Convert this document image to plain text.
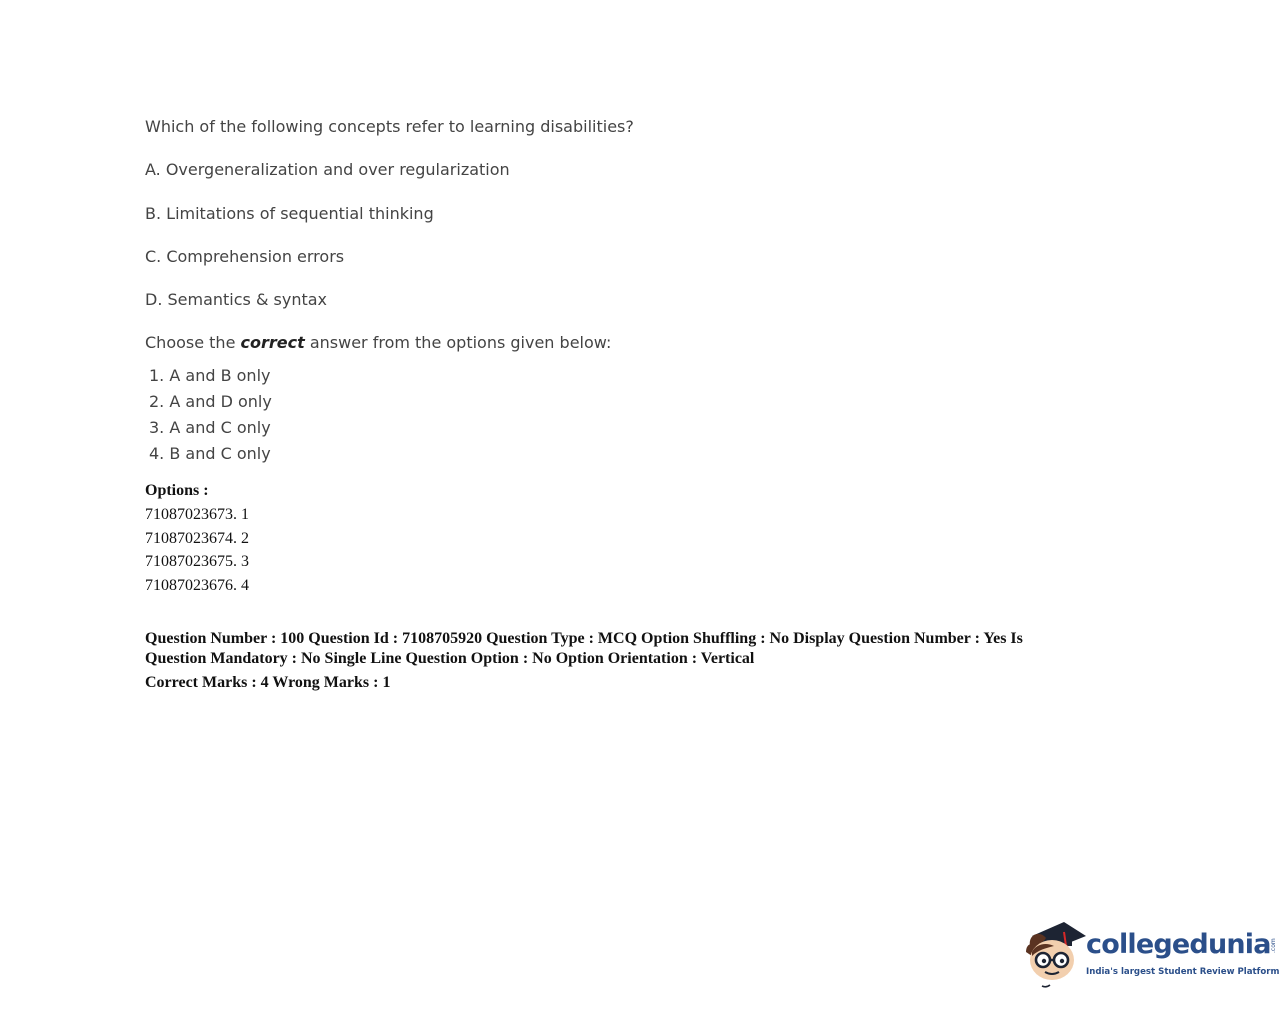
Which of the following concepts refer to learning disabilities?
A. Overgeneralization and over regularization
B. Limitations of sequential thinking
C. Comprehension errors
D. Semantics & syntax
Choose the correct answer from the options given below:
1. A and B only
2. A and D only
3. A and C only
4. B and C only
Options :
71087023673. 1
71087023674. 2
71087023675. 3
71087023676. 4
Question Number : 100 Question Id : 7108705920 Question Type : MCQ Option Shuffling : No Display Question Number : Yes Is
Question Mandatory : No Single Line Question Option : No Option Orientation : Vertical
Correct Marks : 4 Wrong Marks : 1
collegedunia.com
India's largest Student Review Platform
